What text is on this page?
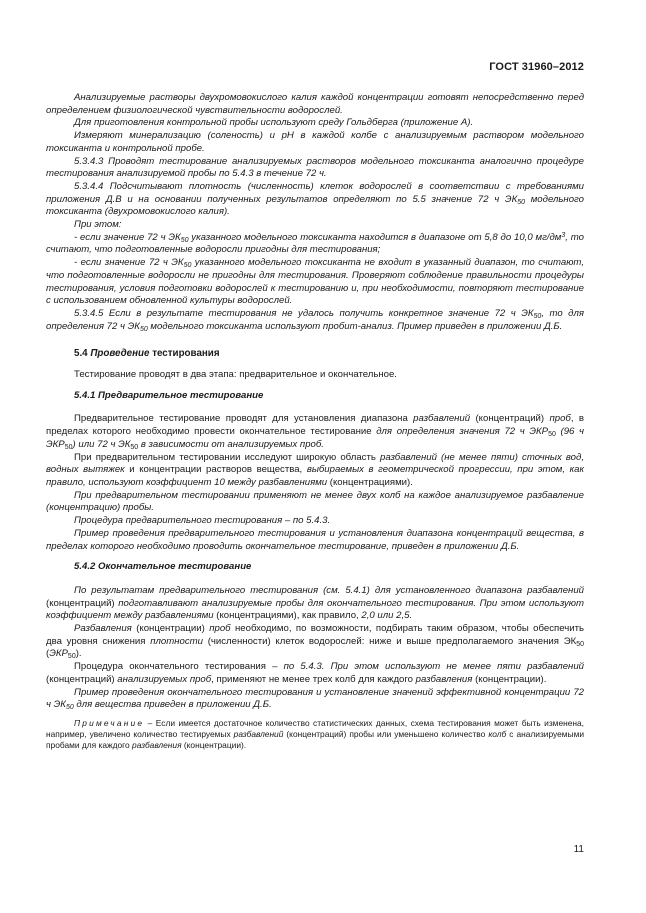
ГОСТ 31960–2012

Анализируемые растворы двухромовокислого калия каждой концентрации готовят непосредственно перед определением физиологической чувствительности водорослей.

Для приготовления контрольной пробы используют среду Гольдберга (приложение А).

Измеряют минерализацию (соленость) и pH в каждой колбе с анализируемым раствором модельного токсиканта и контрольной пробе.

5.3.4.3 Проводят тестирование анализируемых растворов модельного токсиканта аналогично процедуре тестирования анализируемой пробы по 5.4.3 в течение 72 ч.

5.3.4.4 Подсчитывают плотность (численность) клеток водорослей в соответствии с требованиями приложения Д.В и на основании полученных результатов определяют по 5.5 значение 72 ч $ЭК_{50}$ модельного токсиканта (двухромовокислого калия).

При этом:

- если значение 72 ч $ЭК_{50}$ указанного модельного токсиканта находится в диапазоне от 5,8 до 10,0 $мг/дм^3$, то считают, что подготовленные водоросли пригодны для тестирования;

- если значение 72 ч $ЭК_{50}$ указанного модельного токсиканта не входит в указанный диапазон, то считают, что подготовленные водоросли не пригодны для тестирования. Проверяют соблюдение правильности процедуры тестирования, условия подготовки водорослей к тестированию и, при необходимости, повторяют тестирование с использованием обновленной культуры водорослей.

5.3.4.5 Если в результате тестирования не удалось получить конкретное значение 72 ч $ЭК_{50}$, то для определения 72 ч $ЭК_{50}$ модельного токсиканта используют пробит-анализ. Пример приведен в приложении Д.Б.

5.4 Проведение тестирования

Тестирование проводят в два этапа: предварительное и окончательное.

5.4.1 Предварительное тестирование

Предварительное тестирование проводят для установления диапазона разбавлений (концентраций) проб, в пределах которого необходимо провести окончательное тестирование для определения значения 72 ч $ЭКР_{50}$ (96 ч $ЭКР_{50}$) или 72 ч $ЭК_{50}$ в зависимости от анализируемых проб.

При предварительном тестировании исследуют широкую область разбавлений (не менее пяти) сточных вод, водных вытяжек и концентрации растворов вещества, выбираемых в геометрической прогрессии, при этом, как правило, используют коэффициент 10 между разбавлениями (концентрациями).

При предварительном тестировании применяют не менее двух колб на каждое анализируемое разбавление (концентрацию) пробы.

Процедура предварительного тестирования – по 5.4.3.

Пример проведения предварительного тестирования и установления диапазона концентраций вещества, в пределах которого необходимо проводить окончательное тестирование, приведен в приложении Д.Б.

5.4.2 Окончательное тестирование

По результатам предварительного тестирования (см. 5.4.1) для установленного диапазона разбавлений (концентраций) подготавливают анализируемые пробы для окончательного тестирования. При этом используют коэффициент между разбавлениями (концентрациями), как правило, 2,0 или 2,5.

Разбавления (концентрации) проб необходимо, по возможности, подбирать таким образом, чтобы обеспечить два уровня снижения плотности (численности) клеток водорослей: ниже и выше предполагаемого значения $ЭК_{50}$ $(ЭКР_{50})$.

Процедура окончательного тестирования – по 5.4.3. При этом используют не менее пяти разбавлений (концентраций) анализируемых проб, применяют не менее трех колб для каждого разбавления (концентрации).

Пример проведения окончательного тестирования и установление значений эффективной концентрации 72 ч $ЭК_{50}$ для вещества приведен в приложении Д.Б.

Примечание – Если имеется достаточное количество статистических данных, схема тестирования может быть изменена, например, увеличено количество тестируемых разбавлений (концентраций) пробы или уменьшено количество колб с анализируемыми пробами для каждого разбавления (концентрации).

11
